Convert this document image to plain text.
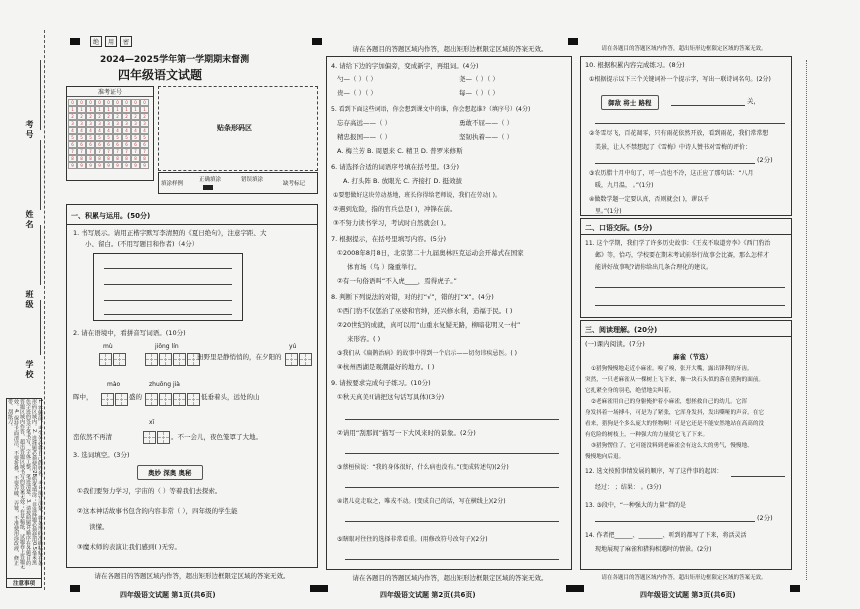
考号
姓名
班级
学校
1. 答题前，考生务必将自己的姓名、考号填写清楚，将条形码准确粘贴在条形码区域内。2. 选择题必须使用2B铅笔填涂；非选择题必须使用0.5毫米黑色字迹的签字笔书写，字体工整，笔迹清楚。3. 请按照题号顺序在各题目的答题区域内作答，超出答题区域书写的答案无效；在草稿纸、试题卷上答题无效。4. 保持卡面清洁，不要折叠，不要弄破、弄皱，不准使用涂改液、修正带、刮纸刀。
注意事项
绝	用	密
2024—2025学年第一学期期末督测
四年级语文试题
准考证号
0	0	0	0	0	0	0	0	0
1	1	1	1	1	1	1	1	1
2	2	2	2	2	2	2	2	2
3	3	3	3	3	3	3	3	3
4	4	4	4	4	4	4	4	4
5	5	5	5	5	5	5	5	5
6	6	6	6	6	6	6	6	6
7	7	7	7	7	7	7	7	7
8	8	8	8	8	8	8	8	8
9	9	9	9	9	9	9	9	9
贴条形码区
填涂样例
正确填涂	错误填涂
缺考标记
一、积累与运用。(50分)
1. 书写展示。请用正楷字默写李清照的《夏日绝句》，注意字距、大
小、留白。(不用写题目和作者)（4分）
2. 请在语境中，看拼音写词语。(10分)
mù	jiōng lín	yú
田野里是静悄悄的，在夕阳的
mào	zhuōng jià
晖中，	盛的	低垂着头，远处的山
xī
峦依然不再清	。不一会儿，夜色笼罩了大地。
3. 选词填空。(3分)
奥妙 深奥 奥秘
①我们要努力学习，宇宙的（ ）等着我们去探索。
②这本神话故事书包含的内容非常（ ），四年级的学生能
读懂。
③魔术师的表演让我们感到( )无穷。
请在各题目的答题区域内作答，超出矩形边框限定区域的答案无效。
四年级语文试题 第1页(共6页)
请在各题目的答题区域内作答，超出矩形边框限定区域的答案无效。
4. 请给下边的字加偏旁，变成新字，再组词。(4分)
勺—（ ）（ ）	尧—（ ）（ ）
贵—（ ）（ ）	每—（ ）（ ）
5. 看到下面这些词语，你会想到课文中的谁，你会想起谁?（填序号）(4分)
忘存高远——（ ）	勇敢不屈——（ ）
精忠报国——（ ）	坚韧执着——（ ）
A. 梅兰芳 B. 周恩来 C. 精卫 D. 普罗米修斯
6. 请选择合适的词语序号填在括号里。(3分)
A. 打头阵 B. 放眼光 C. 齐接打 D. 挺效拔
①要想做好这块劳动基地，班长你得给老师说，我们在劳动( )。
②遇到危险，指的官兵总是( )，冲锋在前。
③不努力读书学习，考试时自然就会( )。
7. 根据提示，在括号里填写内容。(5分)
①2008年8月8日，北京第二十九届奥林匹克运动会开幕式在国家
体育场（鸟 ）隆重举行。
②有一句俗语叫“不入虎____，焉得虎子。”
8. 判断下列说法的对错，对的打“√”，错的打“X”。(4分)
①西门豹不仅惩治了巫婆和官绅，还兴修水利，造福于民。( )
②20世纪的成就，真可以用“山重水复疑无路，柳暗花明又一村”
来形容。( )
③我们从《扁鹊治病》的故事中得到一个启示——切勿讳疾忌医。( )
④杭州西湖是观潮最好的地方。( )
9. 请按要求完成句子练习。(10分)
①秋天真美!(请把这句话写具体)(3分)
②请用“刮那间”描写一下大风来时的景象。(2分)
③蔡桓侯说：“我的身体很好，什么病也没有。”(变成转述句)(2分)
④诸儿竞走取之，唯戎不动。(变成自己的话，写在横线上)(2分)
⑤瞎眼对往往的选择非常看重。(用修改符号改句子)(2分)
请在各题目的答题区域内作答，超出矩形边框限定区域的答案无效。
四年级语文试题 第2页(共6页)
请在各题目的答题区域内作答，超出矩形边框限定区域的答案无效。
10. 根据积累内容完成练习。(8分)
①根据提示以下三个关键词补一个提示字，写出一联诗词名句。(2分)
御敌 将士 路程	关，
②冬雪尽飞，百花凋零，只有雨花依然开放，看到雨花，我们常常想
美景，让人不禁想起了《雪梅》中诗人赞书对雪梅的评价：
(2分)
③农历腊十月中旬了，可一点也不冷，这正应了那句话：“八月
暖，九月温， 。”(1分)
④做数学题一定要认真，否则就会( )，谬以千
里。”(1分)
二、口语交际。(5分)
11. 这个学期，我们学了许多历史故事：《王戎不取道旁李》《西门豹治
邺》等，恰巧，学校要在期末考试前举行故事会比赛，那么怎样才
能讲好故事呢?请你给出几条合理化的建议。
三、阅读理解。(20分)
(一)课内阅读。(7分)
麻雀（节选）
①猎狗慢慢地走近小麻雀。嗅了嗅，张开大嘴，露出锋利的牙齿。
突然，一只老麻雀从一棵树上飞下来，像一块石头似的落在猎狗的面前。
它扎紧全身的羽毛，绝望地尖叫着。
②老麻雀用自己的身躯掩护着小麻雀，想拯救自己的幼儿。它浑
身发抖着一场搏斗，可是为了紧张，它浑身发抖，发出嘶哑的声音。在它
看来，猎狗是个多么庞大的怪物啊！可是它还是不能安然地站在高高的没
有危险的树枝上，一种强大的力量使它飞了下来。
③猎狗愣住了，它可能没料到老麻雀会有这么大的勇气，慢慢地、
慢慢地向后退。
12. 选文按照事情发展的顺序，写了这件事的起因：
经过： ；结果： 。(3分)
13. ③段中，“一种强大的力量”指的是
(2分)
14. 作者把______、________、听到的都写了下来，将活灵活
现地展现了麻雀和猎狗相遇时的情景。(2分)
请在各题目的答题区域内作答，超出矩形边框限定区域的答案无效。
四年级语文试题 第3页(共6页)
